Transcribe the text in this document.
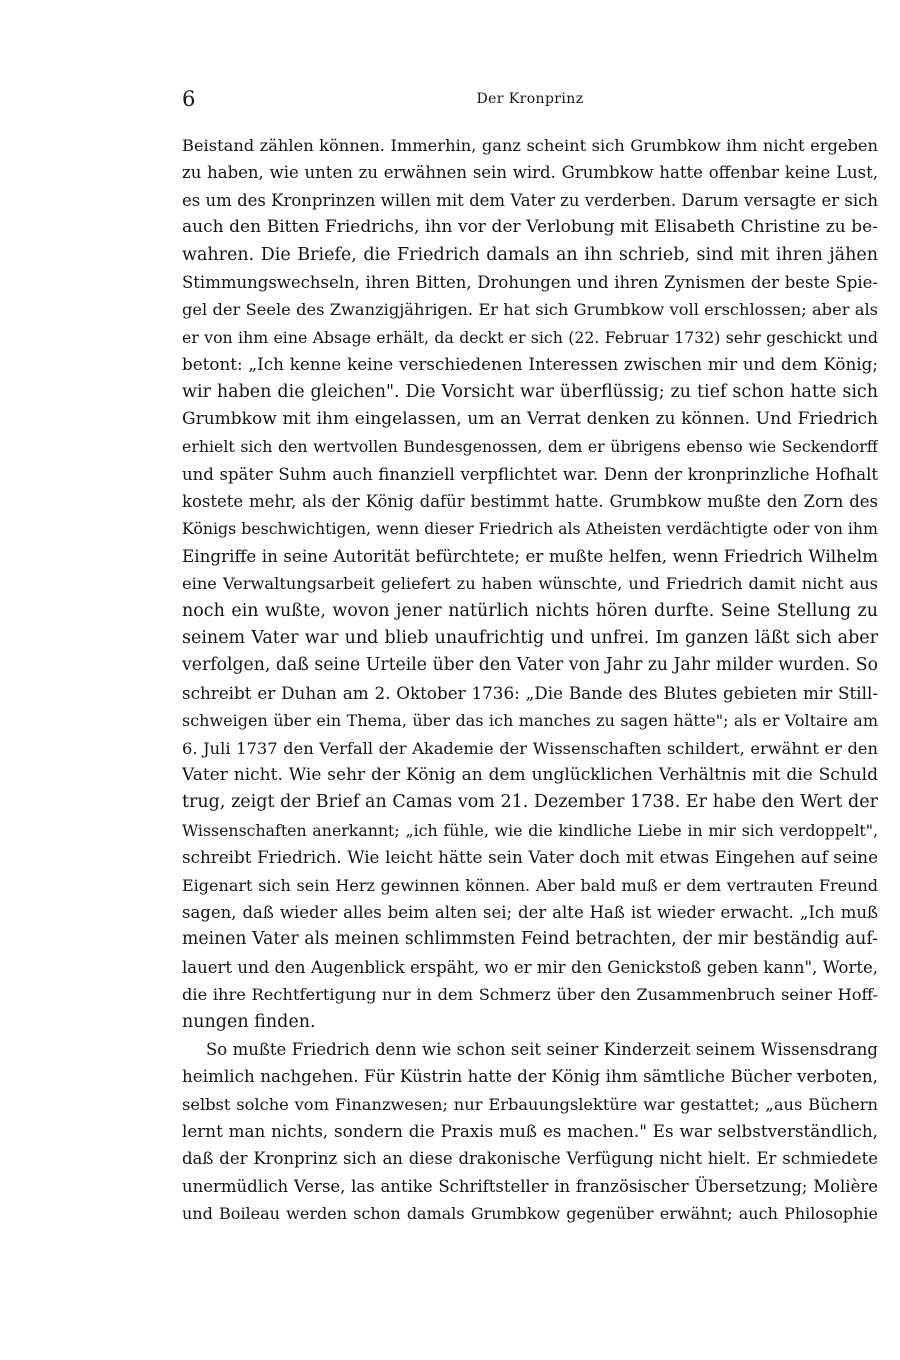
6	Der Kronprinz
Beistand zählen können. Immerhin, ganz scheint sich Grumbkow ihm nicht ergeben
zu haben, wie unten zu erwähnen sein wird. Grumbkow hatte offenbar keine Lust,
es um des Kronprinzen willen mit dem Vater zu verderben. Darum versagte er sich
auch den Bitten Friedrichs, ihn vor der Verlobung mit Elisabeth Christine zu be-
wahren. Die Briefe, die Friedrich damals an ihn schrieb, sind mit ihren jähen
Stimmungswechseln, ihren Bitten, Drohungen und ihren Zynismen der beste Spie-
gel der Seele des Zwanzigjährigen. Er hat sich Grumbkow voll erschlossen; aber als
er von ihm eine Absage erhält, da deckt er sich (22. Februar 1732) sehr geschickt und
betont: „Ich kenne keine verschiedenen Interessen zwischen mir und dem König;
wir haben die gleichen". Die Vorsicht war überflüssig; zu tief schon hatte sich
Grumbkow mit ihm eingelassen, um an Verrat denken zu können. Und Friedrich
erhielt sich den wertvollen Bundesgenossen, dem er übrigens ebenso wie Seckendorff
und später Suhm auch finanziell verpflichtet war. Denn der kronprinzliche Hofhalt
kostete mehr, als der König dafür bestimmt hatte. Grumbkow mußte den Zorn des
Königs beschwichtigen, wenn dieser Friedrich als Atheisten verdächtigte oder von ihm
Eingriffe in seine Autorität befürchtete; er mußte helfen, wenn Friedrich Wilhelm
eine Verwaltungsarbeit geliefert zu haben wünschte, und Friedrich damit nicht aus
noch ein wußte, wovon jener natürlich nichts hören durfte. Seine Stellung zu
seinem Vater war und blieb unaufrichtig und unfrei. Im ganzen läßt sich aber
verfolgen, daß seine Urteile über den Vater von Jahr zu Jahr milder wurden. So
schreibt er Duhan am 2. Oktober 1736: „Die Bande des Blutes gebieten mir Still-
schweigen über ein Thema, über das ich manches zu sagen hätte"; als er Voltaire am
6. Juli 1737 den Verfall der Akademie der Wissenschaften schildert, erwähnt er den
Vater nicht. Wie sehr der König an dem unglücklichen Verhältnis mit die Schuld
trug, zeigt der Brief an Camas vom 21. Dezember 1738. Er habe den Wert der
Wissenschaften anerkannt; „ich fühle, wie die kindliche Liebe in mir sich verdoppelt",
schreibt Friedrich. Wie leicht hätte sein Vater doch mit etwas Eingehen auf seine
Eigenart sich sein Herz gewinnen können. Aber bald muß er dem vertrauten Freund
sagen, daß wieder alles beim alten sei; der alte Haß ist wieder erwacht. „Ich muß
meinen Vater als meinen schlimmsten Feind betrachten, der mir beständig auf-
lauert und den Augenblick erspäht, wo er mir den Genickstoß geben kann", Worte,
die ihre Rechtfertigung nur in dem Schmerz über den Zusammenbruch seiner Hoff-
nungen finden.
So mußte Friedrich denn wie schon seit seiner Kinderzeit seinem Wissensdrang
heimlich nachgehen. Für Küstrin hatte der König ihm sämtliche Bücher verboten,
selbst solche vom Finanzwesen; nur Erbauungslektüre war gestattet; „aus Büchern
lernt man nichts, sondern die Praxis muß es machen." Es war selbstverständlich,
daß der Kronprinz sich an diese drakonische Verfügung nicht hielt. Er schmiedete
unermüdlich Verse, las antike Schriftsteller in französischer Übersetzung; Molière
und Boileau werden schon damals Grumbkow gegenüber erwähnt; auch Philosophie
